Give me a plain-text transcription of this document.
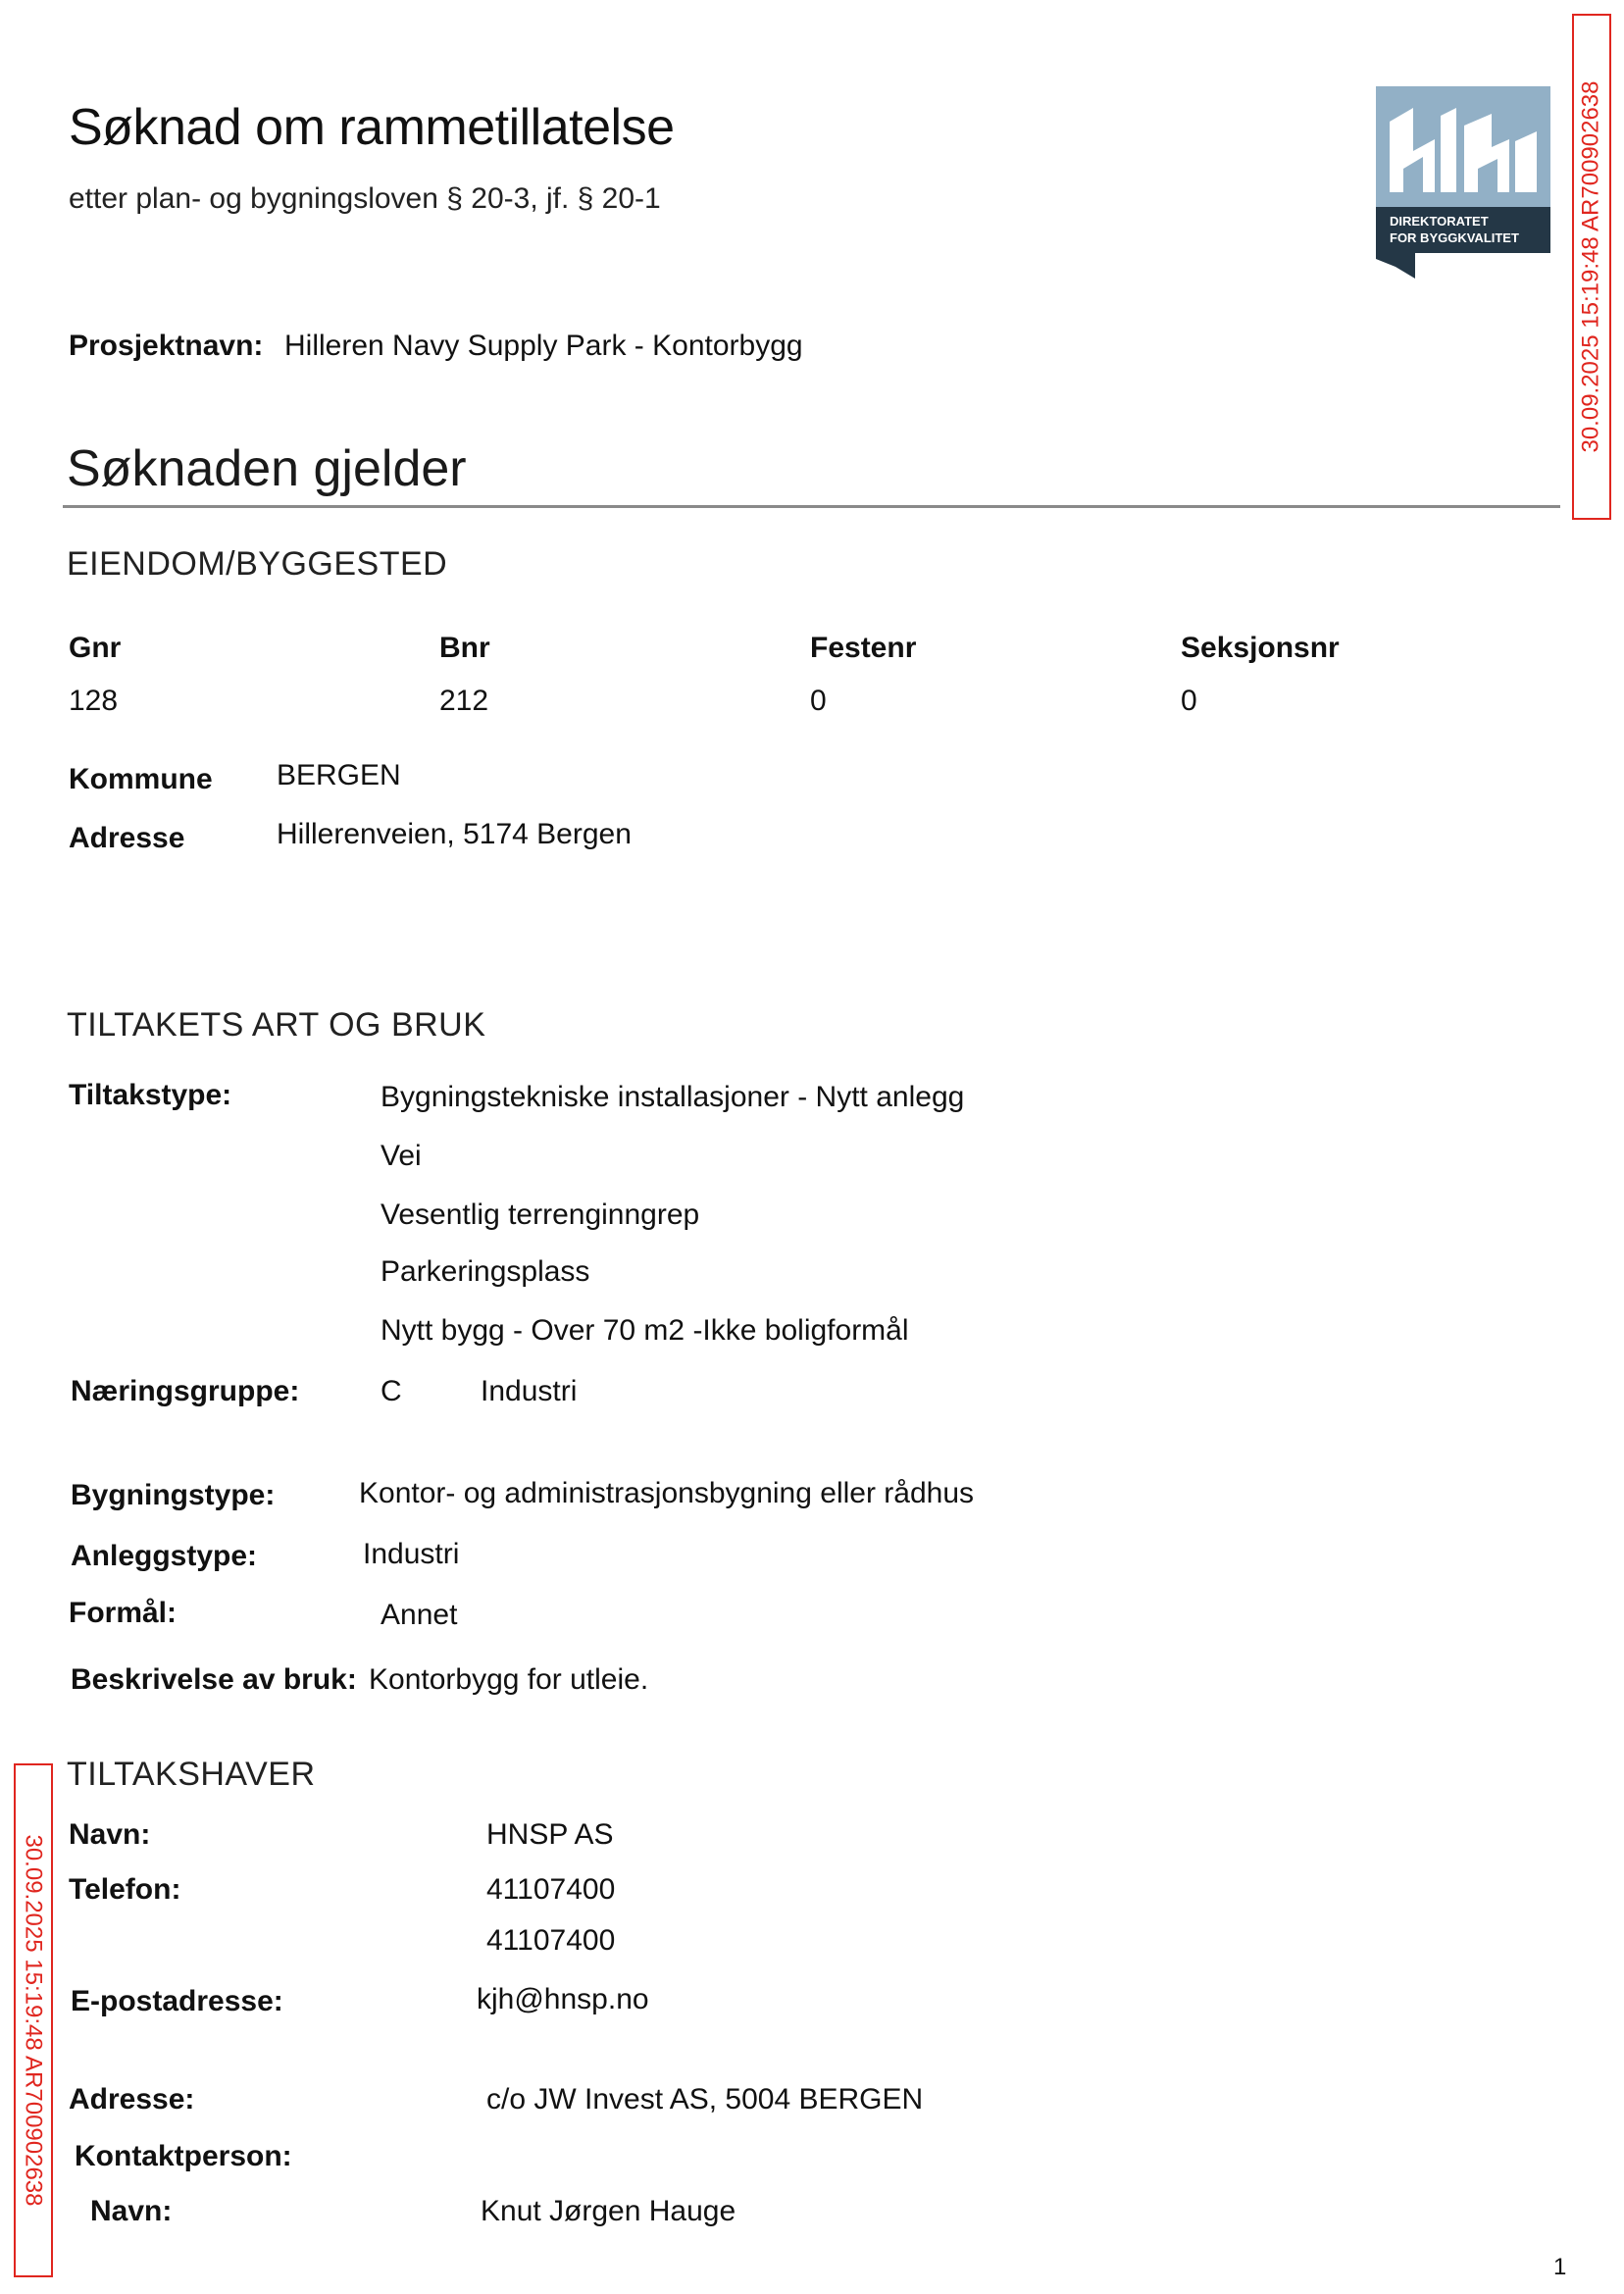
Søknad om rammetillatelse
etter plan- og bygningsloven § 20-3, jf. § 20-1
Prosjektnavn: Hilleren Navy Supply Park - Kontorbygg
DIREKTORATET
FOR BYGGKVALITET	30.09.2025 15:19:48 AR700902638
30.09.2025 15:19:48 AR700902638
Søknaden gjelder
EIENDOM/BYGGESTED
Gnr	Bnr	Festenr	Seksjonsnr
128	212	0	0
Kommune BERGEN
Adresse	Hillerenveien, 5174 Bergen
TILTAKETS ART OG BRUK
Tiltakstype:	Bygningstekniske installasjoner - Nytt anlegg
Vei
Vesentlig terrenginngrep
Parkeringsplass
Nytt bygg - Over 70 m2 -Ikke boligformål
Næringsgruppe:	C	Industri
Bygningstype:	Kontor- og administrasjonsbygning eller rådhus
Anleggstype:	Industri
Formål:	Annet
Beskrivelse av bruk: Kontorbygg for utleie.
TILTAKSHAVER
Navn:	HNSP AS
Telefon:	41107400
41107400
E-postadresse:	kjh@hnsp.no
Adresse:	c/o JW Invest AS, 5004 BERGEN
Kontaktperson:
Navn:	Knut Jørgen Hauge
1
